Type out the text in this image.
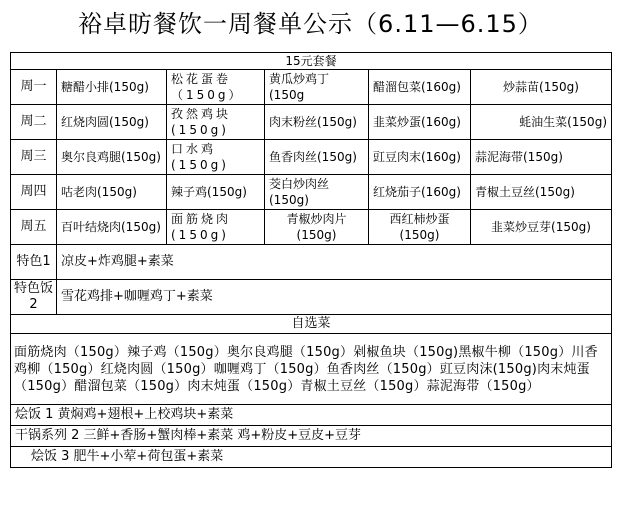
裕卓昉餐饮一周餐单公示（6.11—6.15）
15元套餐					
周一	糖醋小排(150g)	松花蛋卷（150g）	黄瓜炒鸡丁(150g	醋溜包菜(160g)	炒蒜苗(150g)
周二	红烧肉圆(150g)	孜然鸡块(150g)	肉末粉丝(150g)	韭菜炒蛋(160g)	蚝油生菜(150g)
周三	奥尔良鸡腿(150g)	口水鸡(150g)	鱼香肉丝(150g)	豇豆肉末(160g)	蒜泥海带(150g)
周四	咕老肉(150g)	辣子鸡(150g)	茭白炒肉丝(150g)	红烧茄子(160g)	青椒土豆丝(150g)
周五	百叶结烧肉(150g)	面筋烧肉(150g)	青椒炒肉片(150g)	西红柿炒蛋(150g)	韭菜炒豆芽(150g)
特色1	凉皮+炸鸡腿+素菜				
特色饭2	雪花鸡排+咖喱鸡丁+素菜				
自选菜					
面筋烧肉（150g）辣子鸡（150g）奥尔良鸡腿（150g）剁椒鱼块（150g)黑椒牛柳（150g）川香鸡柳（150g）红烧肉圆（150g）咖喱鸡丁（150g）鱼香肉丝（150g）豇豆肉沫(150g)肉末炖蛋（150g）醋溜包菜（150g）肉末炖蛋（150g）青椒土豆丝（150g）蒜泥海带（150g）					
烩饭 1 黄焖鸡+翅根+上校鸡块+素菜					
干锅系列 2 三鲜+香肠+蟹肉棒+素菜 鸡+粉皮+豆皮+豆芽					
烩饭 3 肥牛+小荤+荷包蛋+素菜					
